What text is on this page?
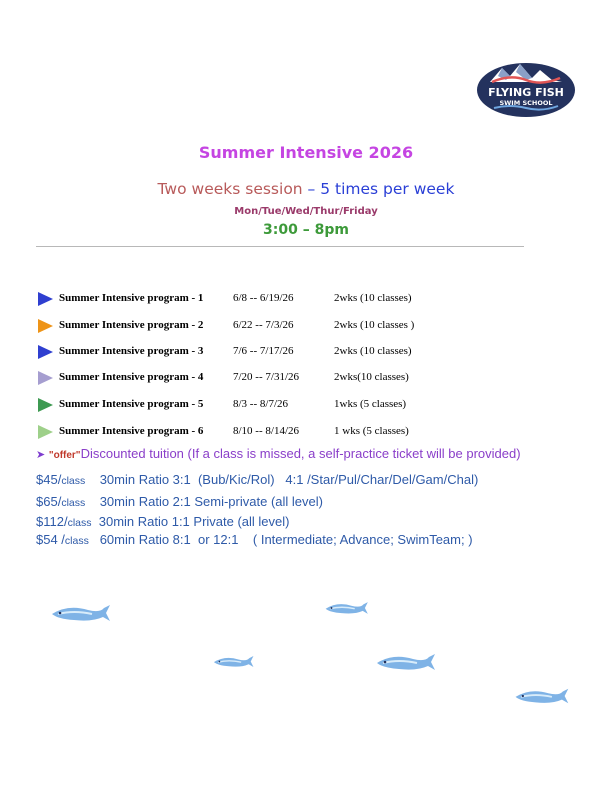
FLYING FISH
SWIM SCHOOL
Summer Intensive 2026
Two weeks session – 5 times per week
Mon/Tue/Wed/Thur/Friday
3:00 – 8pm
Summer Intensive program - 1	6/8 -- 6/19/26	2wks (10 classes)
Summer Intensive program - 2	6/22 -- 7/3/26	2wks (10 classes )
Summer Intensive program - 3	7/6 -- 7/17/26	2wks (10 classes)
Summer Intensive program - 4	7/20 -- 7/31/26	2wks(10 classes)
Summer Intensive program - 5	8/3 -- 8/7/26	1wks (5 classes)
Summer Intensive program - 6	8/10 -- 8/14/26	1 wks (5 classes)
➤ "offer"Discounted tuition (If a class is missed, a self-practice ticket will be provided)
$45/class    30min Ratio 3:1  (Bub/Kic/Rol)   4:1 /Star/Pul/Char/Del/Gam/Chal)
$65/class    30min Ratio 2:1 Semi-private (all level)
$112/class  30min Ratio 1:1 Private (all level)
$54 /class   60min Ratio 8:1  or 12:1    ( Intermediate; Advance; SwimTeam; )
